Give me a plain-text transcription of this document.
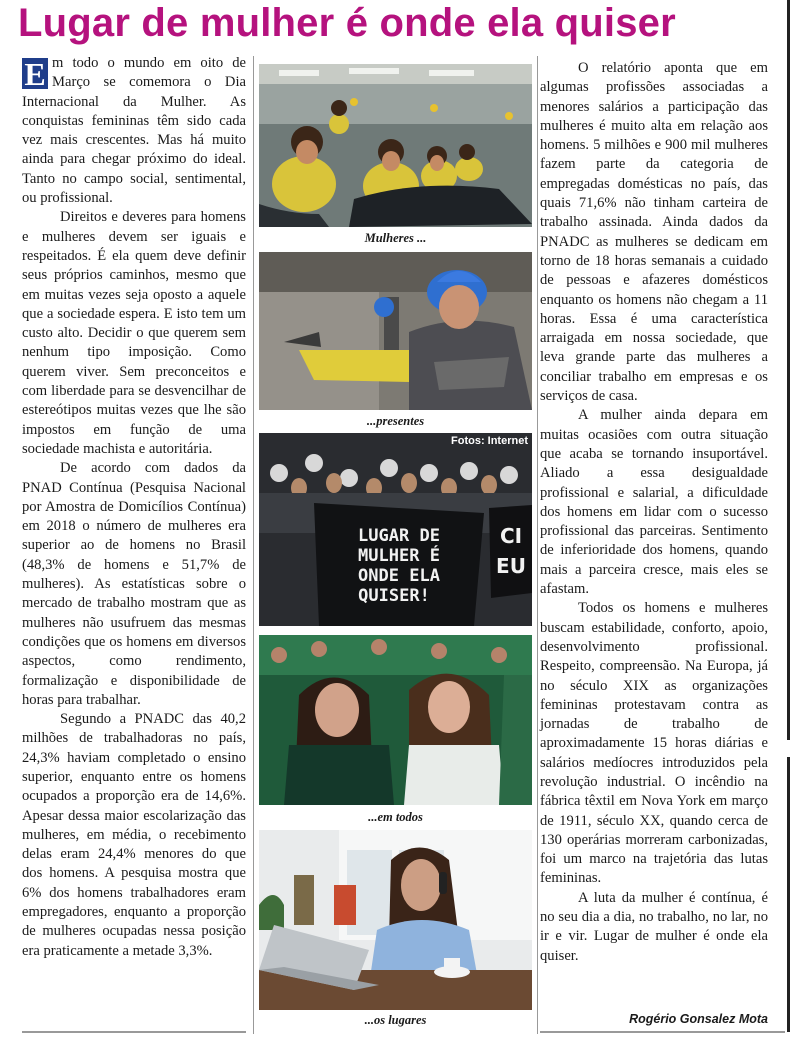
Lugar de mulher é onde ela quiser

E m todo o mundo em oito de Março se comemora o Dia Internacional da Mulher. As conquistas femininas têm sido cada vez mais crescentes. Mas há muito ainda para chegar próximo do ideal. Tanto no campo social, sentimental, ou profissional.

Direitos e deveres para homens e mulheres devem ser iguais e respeitados. É ela quem deve definir seus próprios caminhos, mesmo que em muitas vezes seja oposto a aquele que a sociedade espera. E isto tem um custo alto. Decidir o que querem sem nenhum tipo imposição. Como querem viver. Sem preconceitos e com liberdade para se desvencilhar de estereótipos muitas vezes que lhe são impostos em função de uma sociedade machista e autoritária.

De acordo com dados da PNAD Contínua (Pesquisa Nacional por Amostra de Domicílios Contínua) em 2018 o número de mulheres era superior ao de homens no Brasil (48,3% de homens e 51,7% de mulheres). As estatísticas sobre o mercado de trabalho mostram que as mulheres não usufruem das mesmas condições que os homens em diversos aspectos, como rendimento, formalização e disponibilidade de horas para trabalhar.

Segundo a PNADC das 40,2 milhões de trabalhadoras no país, 24,3% haviam completado o ensino superior, enquanto entre os homens ocupados a proporção era de 14,6%. Apesar dessa maior escolarização das mulheres, em média, o recebimento delas eram 24,4% menores do que dos homens. A pesquisa mostra que 6% dos homens trabalhadores eram empregadores, enquanto a proporção de mulheres ocupadas nessa posição era praticamente a metade 3,3%.

Mulheres ...
...presentes
LUGAR DE
MULHER É
ONDE ELA
QUISER!
CI
EU
Fotos: Internet
...em todos
...os lugares

O relatório aponta que em algumas profissões associadas a menores salários a participação das mulheres é muito alta em relação aos homens. 5 milhões e 900 mil mulheres fazem parte da categoria de empregadas domésticas no país, das quais 71,6% não tinham carteira de trabalho assinada. Ainda dados da PNADC as mulheres se dedicam em torno de 18 horas semanais a cuidado de pessoas e afazeres domésticos enquanto os homens não chegam a 11 horas. Essa é uma característica arraigada em nossa sociedade, que leva grande parte das mulheres a conciliar trabalho em empresas e os serviços de casa.

A mulher ainda depara em muitas ocasiões com outra situação que acaba se tornando insuportável. Aliado a essa desigualdade profissional e salarial, a dificuldade dos homens em lidar com o sucesso profissional das parceiras. Sentimento de inferioridade dos homens, quando mais a parceira cresce, mais eles se afastam.

Todos os homens e mulheres buscam estabilidade, conforto, apoio, desenvolvimento profissional. Respeito, compreensão. Na Europa, já no século XIX as organizações femininas protestavam contra as jornadas de trabalho de aproximadamente 15 horas diárias e salários medíocres introduzidos pela revolução industrial. O incêndio na fábrica têxtil em Nova York em março de 1911, século XX, quando cerca de 130 operárias morreram carbonizadas, foi um marco na trajetória das lutas femininas.

A luta da mulher é contínua, é no seu dia a dia, no trabalho, no lar, no ir e vir. Lugar de mulher é onde ela quiser.

Rogério Gonsalez Mota
